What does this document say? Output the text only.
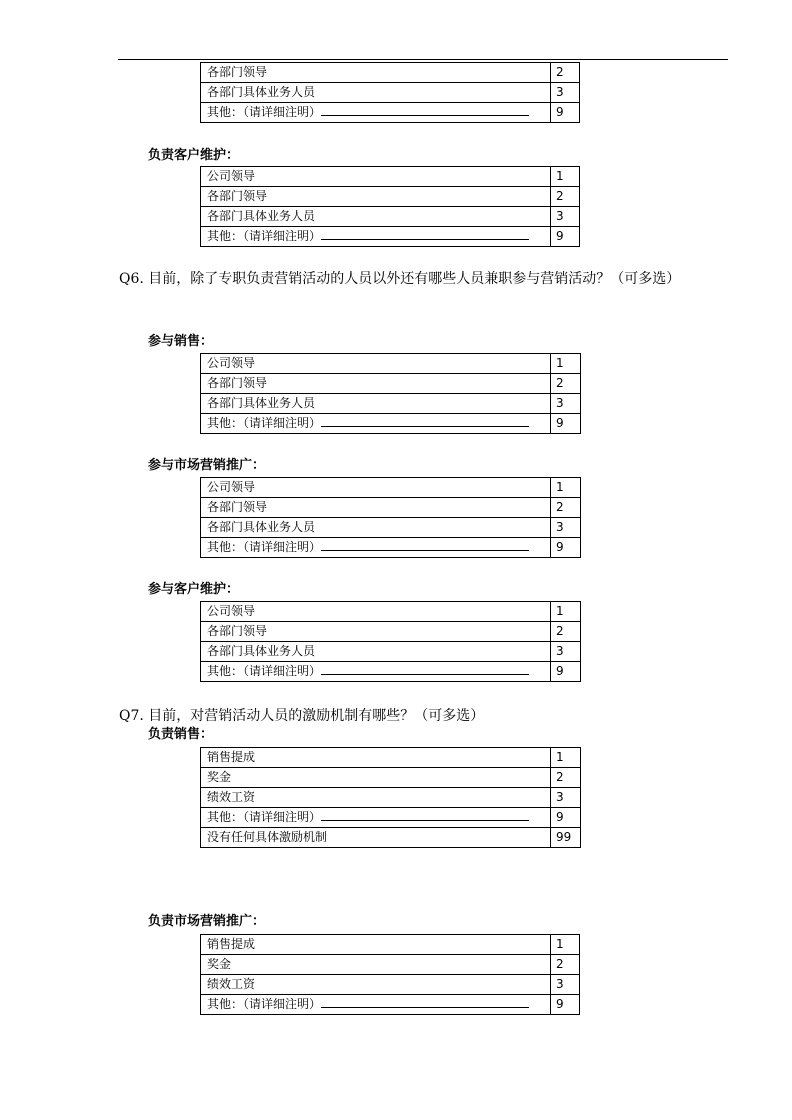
各部门领导	2
各部门具体业务人员	3
其他：（请详细注明）	9
负责客户维护：
公司领导	1
各部门领导	2
各部门具体业务人员	3
其他：（请详细注明）	9
Q6. 目前，除了专职负责营销活动的人员以外还有哪些人员兼职参与营销活动？（可多选）
参与销售：
公司领导	1
各部门领导	2
各部门具体业务人员	3
其他：（请详细注明）	9
参与市场营销推广：
公司领导	1
各部门领导	2
各部门具体业务人员	3
其他：（请详细注明）	9
参与客户维护：
公司领导	1
各部门领导	2
各部门具体业务人员	3
其他：（请详细注明）	9
Q7. 目前，对营销活动人员的激励机制有哪些？（可多选）
负责销售：
销售提成	1
奖金	2
绩效工资	3
其他：（请详细注明）	9
没有任何具体激励机制	99
负责市场营销推广：
销售提成	1
奖金	2
绩效工资	3
其他：（请详细注明）	9
